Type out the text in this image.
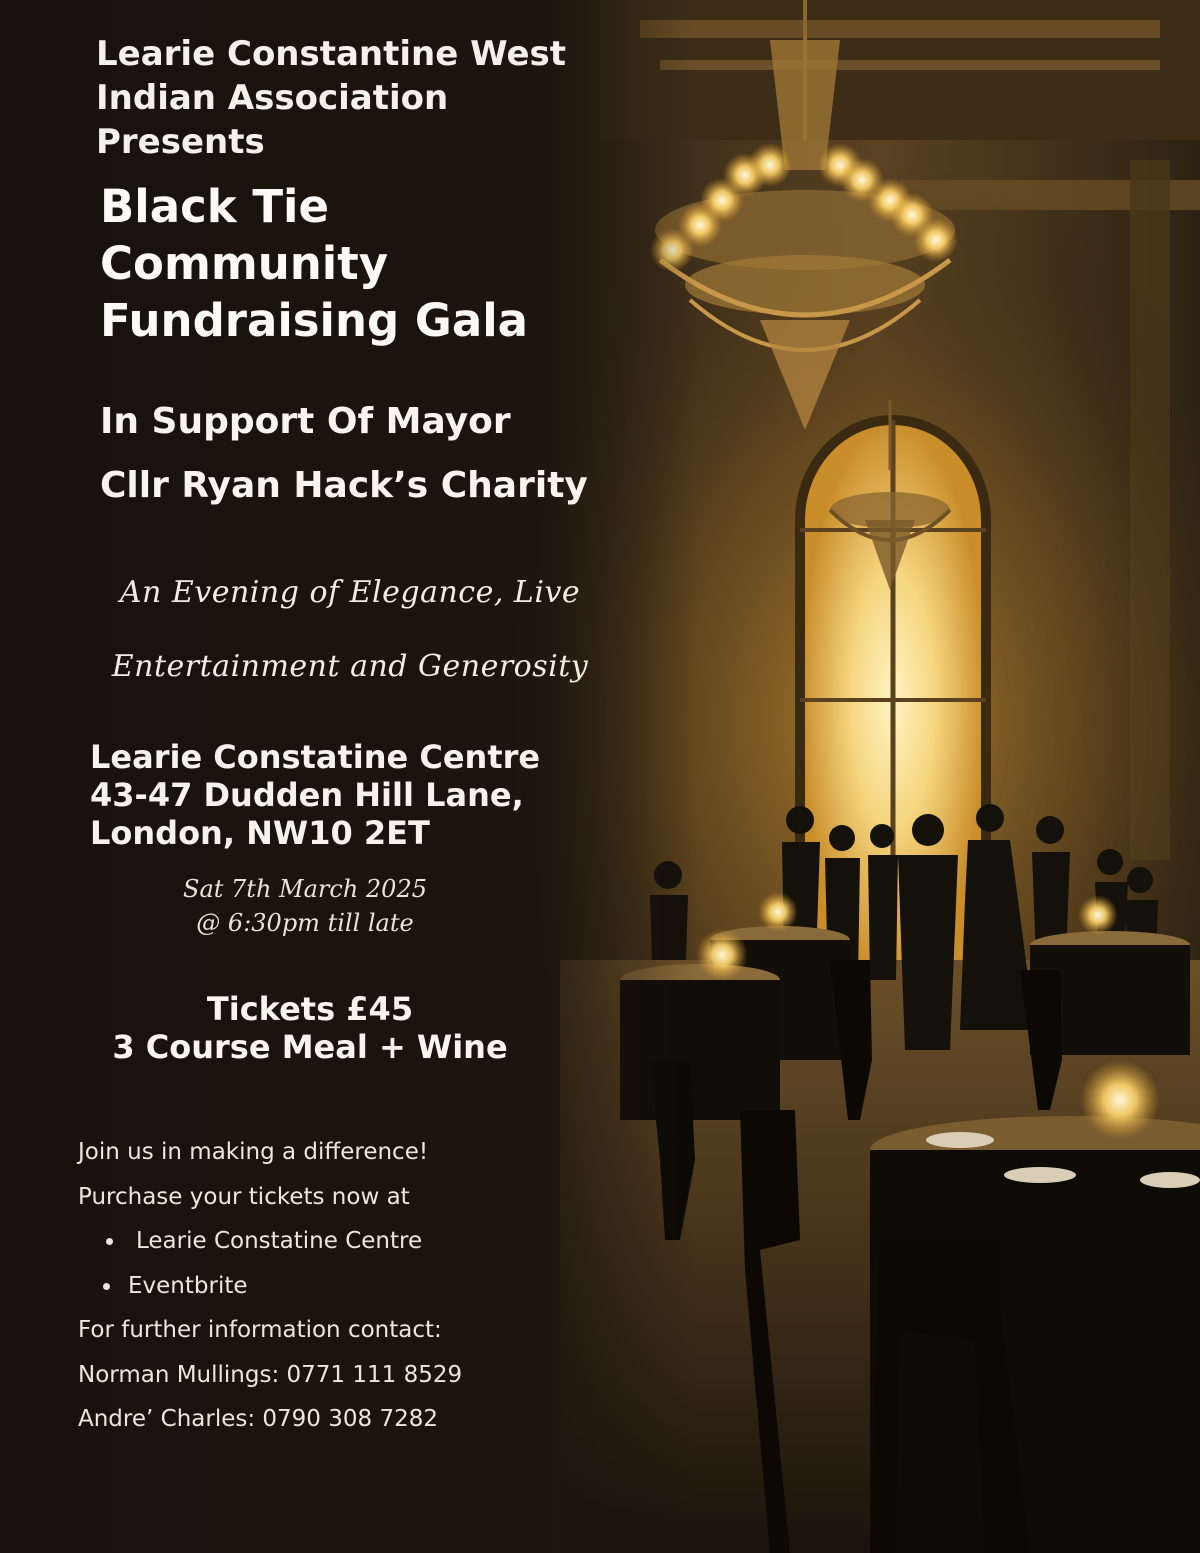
Learie Constantine West
Indian Association
Presents
Black Tie
Community
Fundraising Gala
In Support Of Mayor
Cllr Ryan Hack’s Charity
An Evening of Elegance, Live
Entertainment and Generosity
Learie Constatine Centre
43-47 Dudden Hill Lane,
London, NW10 2ET
Sat 7th March 2025
@ 6:30pm till late
Tickets £45
3 Course Meal + Wine
Join us in making a difference!
Purchase your tickets now at
Learie Constatine Centre
Eventbrite
For further information contact:
Norman Mullings: 0771 111 8529
Andre’ Charles: 0790 308 7282
